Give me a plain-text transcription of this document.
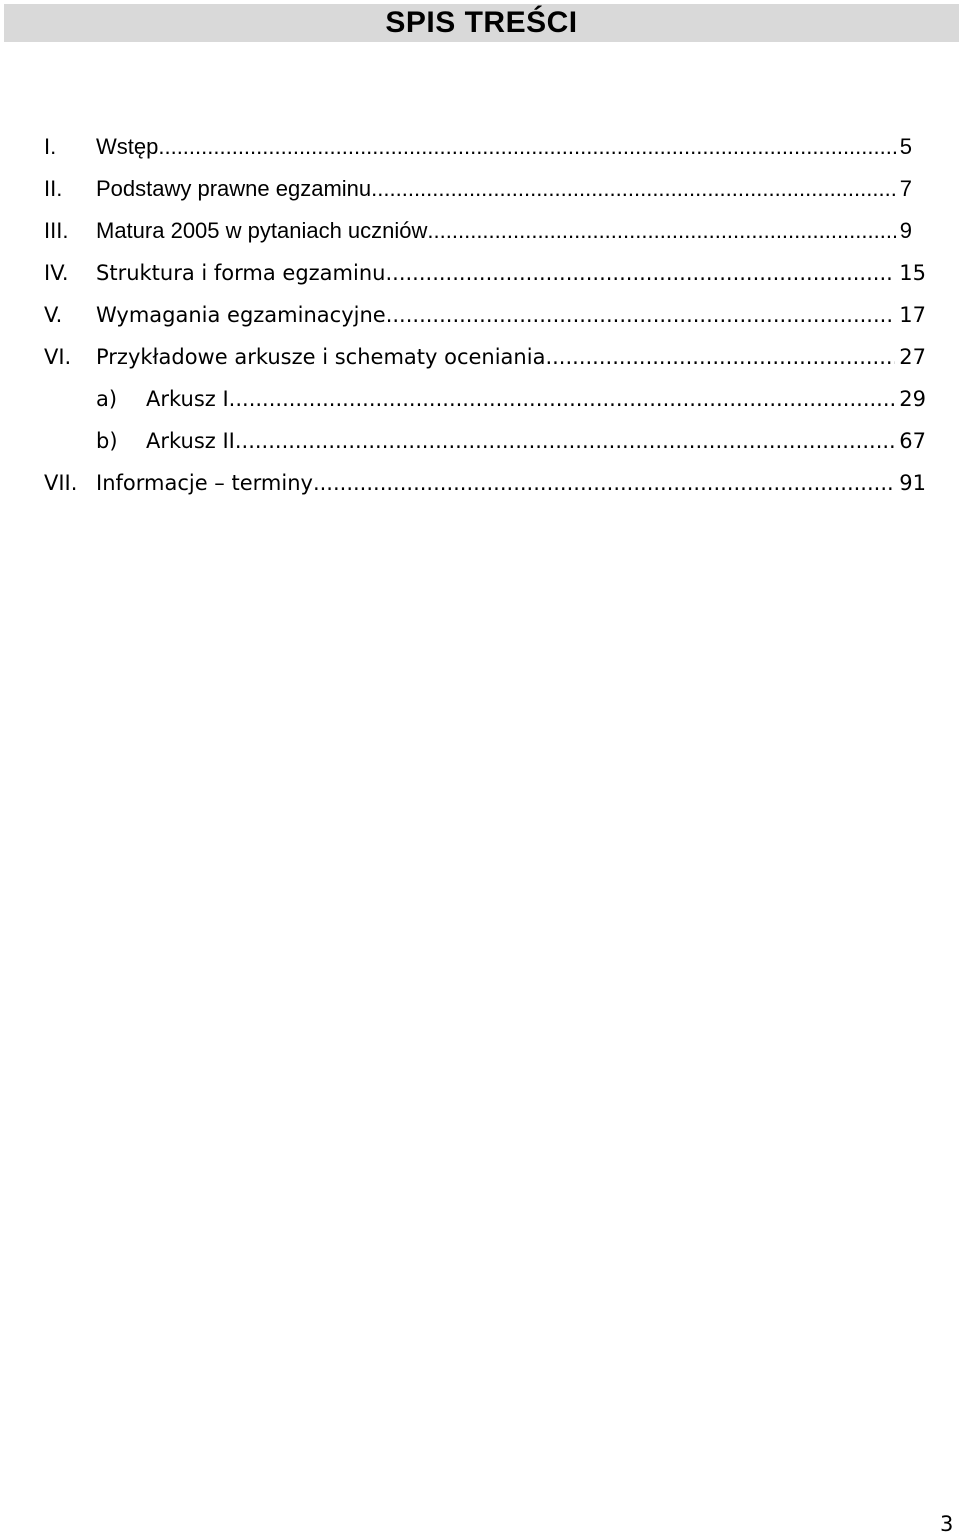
SPIS TREŚCI
I. Wstęp .....	5
II. Podstawy prawne egzaminu .....	7
III. Matura 2005 w pytaniach uczniów .....	9
IV. Struktura i forma egzaminu .....	15
V. Wymagania egzaminacyjne .....	17
VI. Przykładowe arkusze i schematy oceniania .....	27
a) Arkusz I .....	29
b) Arkusz II .....	67
VII. Informacje – terminy .....	91
3
